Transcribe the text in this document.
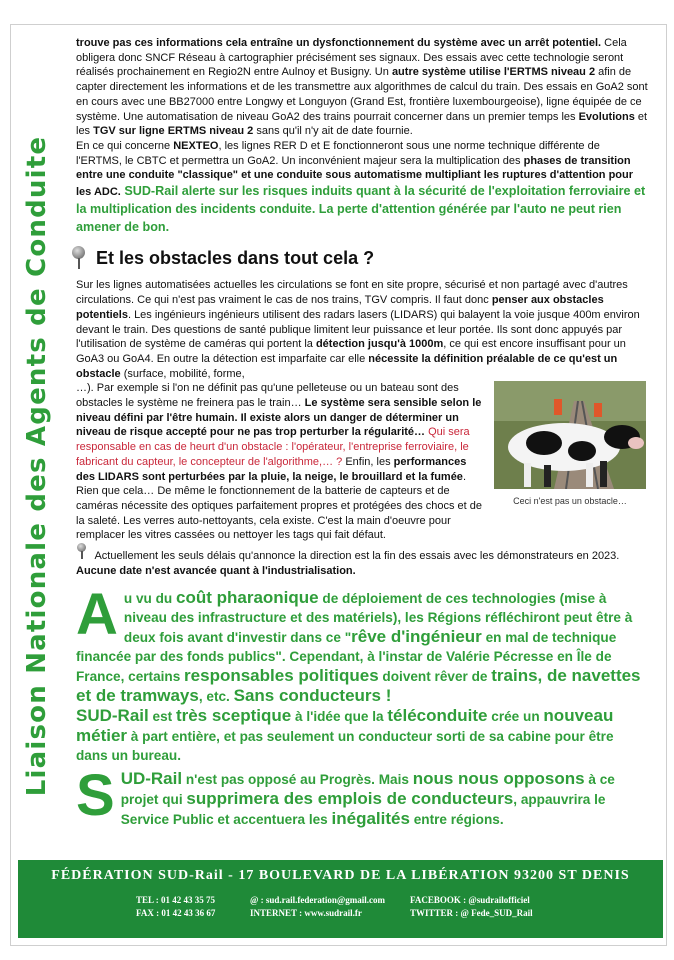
Liaison Nationale des Agents de Conduite

trouve pas ces informations cela entraîne un dysfonctionnement du système avec un arrêt potentiel. Cela obligera donc SNCF Réseau à cartographier précisément ses signaux. Des essais avec cette technologie seront réalisés prochainement en Regio2N entre Aulnoy et Busigny. Un autre système utilise l'ERTMS niveau 2 afin de capter directement les informations et de les transmettre aux algorithmes de calcul du train. Des essais en GoA2 sont en cours avec une BB27000 entre Longwy et Longuyon (Grand Est, frontière luxembourgeoise), ligne équipée de ce système. Une automatisation de niveau GoA2 des trains pourrait concerner dans un premier temps les Evolutions et les TGV sur ligne ERTMS niveau 2 sans qu'il n'y ait de date fournie.

En ce qui concerne NEXTEO, les lignes RER D et E fonctionneront sous une norme technique différente de l'ERTMS, le CBTC et permettra un GoA2. Un inconvénient majeur sera la multiplication des phases de transition entre une conduite "classique" et une conduite sous automatisme multipliant les ruptures d'attention pour les ADC. SUD-Rail alerte sur les risques induits quant à la sécurité de l'exploitation ferroviaire et la multiplication des incidents conduite. La perte d'attention générée par l'auto ne peut rien amener de bon.

Et les obstacles dans tout cela ?

Sur les lignes automatisées actuelles les circulations se font en site propre, sécurisé et non partagé avec d'autres circulations. Ce qui n'est pas vraiment le cas de nos trains, TGV compris. Il faut donc penser aux obstacles potentiels. Les ingénieurs ingénieurs utilisent des radars lasers (LIDARS) qui balayent la voie jusque 400m environ devant le train. Des questions de santé publique limitent leur puissance et leur portée. Ils sont donc appuyés par l'utilisation de système de caméras qui portent la détection jusqu'à 1000m, ce qui est encore insuffisant pour un GoA3 ou GoA4. En outre la détection est imparfaite car elle nécessite la définition préalable de ce qu'est un obstacle (surface, mobilité, forme,

Ceci n'est pas un obstacle…

…). Par exemple si l'on ne définit pas qu'une pelleteuse ou un bateau sont des obstacles le système ne freinera pas le train… Le système sera sensible selon le niveau défini par l'être humain. Il existe alors un danger de déterminer un niveau de risque accepté pour ne pas trop perturber la régularité… Qui sera responsable en cas de heurt d'un obstacle : l'opérateur, l'entreprise ferroviaire, le fabricant du capteur, le concepteur de l'algorithme,… ? Enfin, les performances des LIDARS sont perturbées par la pluie, la neige, le brouillard et la fumée. Rien que cela… De même le fonctionnement de la batterie de capteurs et de caméras nécessite des optiques parfaitement propres et protégées des chocs et de la saleté. Les verres auto-nettoyants, cela existe. C'est la main d'oeuvre pour remplacer les vitres cassées ou nettoyer les tags qui fait défaut.

Actuellement les seuls délais qu'annonce la direction est la fin des essais avec les démonstrateurs en 2023. Aucune date n'est avancée quant à l'industrialisation.

Au vu du coût pharaonique de déploiement de ces technologies (mise à niveau des infrastructure et des matériels), les Régions réfléchiront peut être à deux fois avant d'investir dans ce "rêve d'ingénieur en mal de technique financée par des fonds publics". Cependant, à l'instar de Valérie Pécresse en Île de France, certains responsables politiques doivent rêver de trains, de navettes et de tramways, etc. Sans conducteurs !

SUD-Rail est très sceptique à l'idée que la téléconduite crée un nouveau métier à part entière, et pas seulement un conducteur sorti de sa cabine pour être dans un bureau.

SUD-Rail n'est pas opposé au Progrès. Mais nous nous opposons à ce projet qui supprimera des emplois de conducteurs, appauvrira le Service Public et accentuera les inégalités entre régions.

FÉDÉRATION SUD-Rail - 17 BOULEVARD DE LA LIBÉRATION 93200 ST DENIS
TEL : 01 42 43 35 75
FAX : 01 42 43 36 67
@ : sud.rail.federation@gmail.com
INTERNET : www.sudrail.fr
FACEBOOK : @sudrailofficiel
TWITTER : @ Fede_SUD_Rail
